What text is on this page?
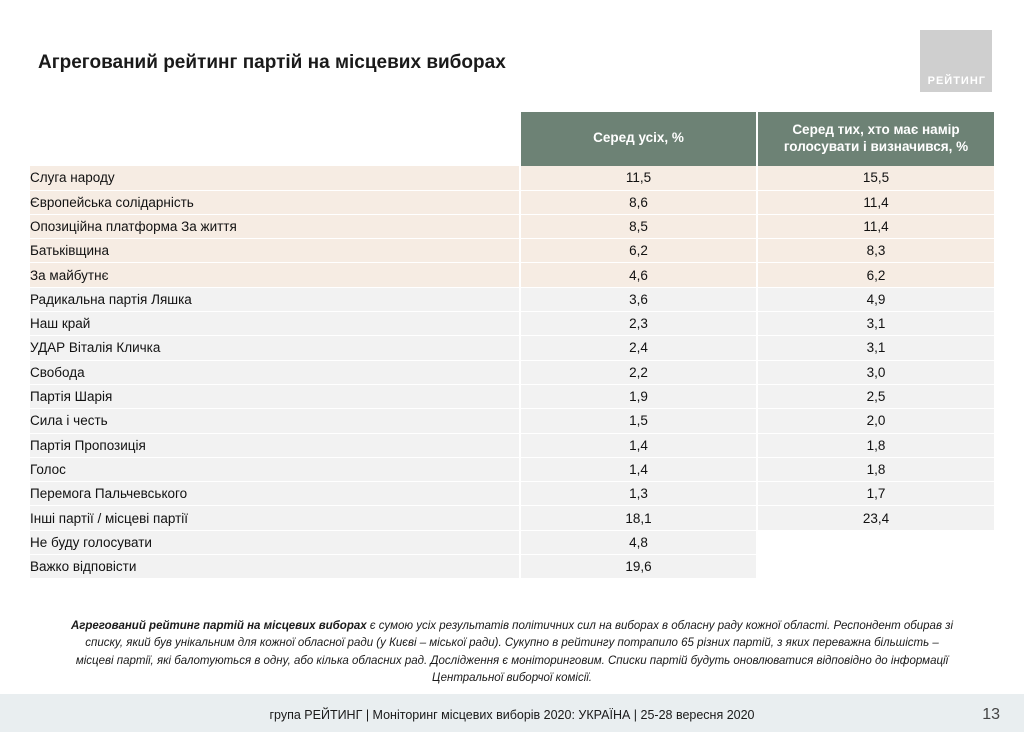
РЕЙТИНГ
Агрегований рейтинг партій на місцевих виборах
	Серед усіх, %	Серед тих, хто має намір голосувати і визначився, %
Слуга народу	11,5	15,5
Європейська солідарність	8,6	11,4
Опозиційна платформа За життя	8,5	11,4
Батьківщина	6,2	8,3
За майбутнє	4,6	6,2
Радикальна партія Ляшка	3,6	4,9
Наш край	2,3	3,1
УДАР Віталія Кличка	2,4	3,1
Свобода	2,2	3,0
Партія Шарія	1,9	2,5
Сила і честь	1,5	2,0
Партія Пропозиція	1,4	1,8
Голос	1,4	1,8
Перемога Пальчевського	1,3	1,7
Інші партії / місцеві партії	18,1	23,4
Не буду голосувати	4,8	
Важко відповісти	19,6	
Агрегований рейтинг партій на місцевих виборах є сумою усіх результатів політичних сил на виборах в обласну раду кожної області. Респондент обирав зі списку, який був унікальним для кожної обласної ради (у Києві – міської ради). Сукупно в рейтингу потрапило 65 різних партій, з яких переважна більшість – місцеві партії, які балотуються в одну, або кілька обласних рад. Дослідження є моніторинговим. Списки партій будуть оновлюватися відповідно до інформації Центральної виборчої комісії.
група РЕЙТИНГ | Моніторинг місцевих виборів 2020: УКРАЇНА | 25-28 вересня 2020	13
